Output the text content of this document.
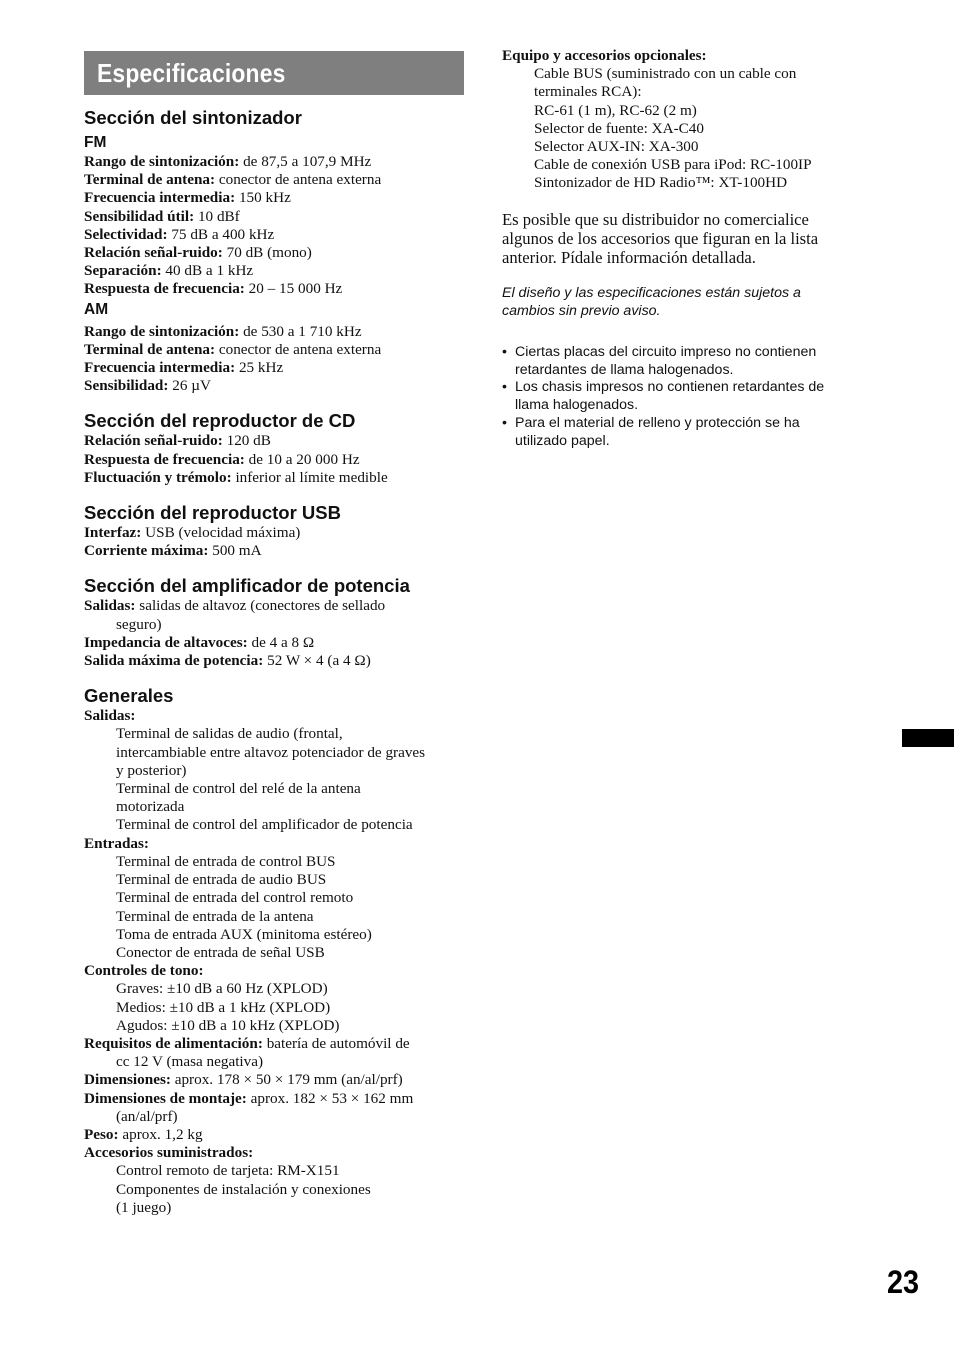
Especificaciones

Sección del sintonizador

FM

Rango de sintonización: de 87,5 a 107,9 MHz

Terminal de antena: conector de antena externa

Frecuencia intermedia: 150 kHz

Sensibilidad útil: 10 dBf

Selectividad: 75 dB a 400 kHz

Relación señal-ruido: 70 dB (mono)

Separación: 40 dB a 1 kHz

Respuesta de frecuencia: 20 – 15 000 Hz

AM

Rango de sintonización: de 530 a 1 710 kHz

Terminal de antena: conector de antena externa

Frecuencia intermedia: 25 kHz

Sensibilidad: 26 µV

Sección del reproductor de CD

Relación señal-ruido: 120 dB

Respuesta de frecuencia: de 10 a 20 000 Hz

Fluctuación y trémolo: inferior al límite medible

Sección del reproductor USB

Interfaz: USB (velocidad máxima)

Corriente máxima: 500 mA

Sección del amplificador de potencia

Salidas: salidas de altavoz (conectores de sellado

seguro)

Impedancia de altavoces: de 4 a 8 Ω

Salida máxima de potencia: 52 W × 4 (a 4 Ω)

Generales

Salidas:

Terminal de salidas de audio (frontal,

intercambiable entre altavoz potenciador de graves

y posterior)

Terminal de control del relé de la antena

motorizada

Terminal de control del amplificador de potencia

Entradas:

Terminal de entrada de control BUS

Terminal de entrada de audio BUS

Terminal de entrada del control remoto

Terminal de entrada de la antena

Toma de entrada AUX (minitoma estéreo)

Conector de entrada de señal USB

Controles de tono:

Graves: ±10 dB a 60 Hz (XPLOD)

Medios: ±10 dB a 1 kHz (XPLOD)

Agudos: ±10 dB a 10 kHz (XPLOD)

Requisitos de alimentación: batería de automóvil de

cc 12 V (masa negativa)

Dimensiones: aprox. 178 × 50 × 179 mm (an/al/prf)

Dimensiones de montaje: aprox. 182 × 53 × 162 mm

(an/al/prf)

Peso: aprox. 1,2 kg

Accesorios suministrados:

Control remoto de tarjeta: RM-X151

Componentes de instalación y conexiones

(1 juego)

Equipo y accesorios opcionales:

Cable BUS (suministrado con un cable con

terminales RCA):

RC-61 (1 m), RC-62 (2 m)

Selector de fuente: XA-C40

Selector AUX-IN: XA-300

Cable de conexión USB para iPod: RC-100IP

Sintonizador de HD Radio™: XT-100HD

Es posible que su distribuidor no comercialice

algunos de los accesorios que figuran en la lista

anterior. Pídale información detallada.

El diseño y las especificaciones están sujetos a

cambios sin previo aviso.

• Ciertas placas del circuito impreso no contienen
retardantes de llama halogenados.
• Los chasis impresos no contienen retardantes de
llama halogenados.
• Para el material de relleno y protección se ha
utilizado papel.
23
